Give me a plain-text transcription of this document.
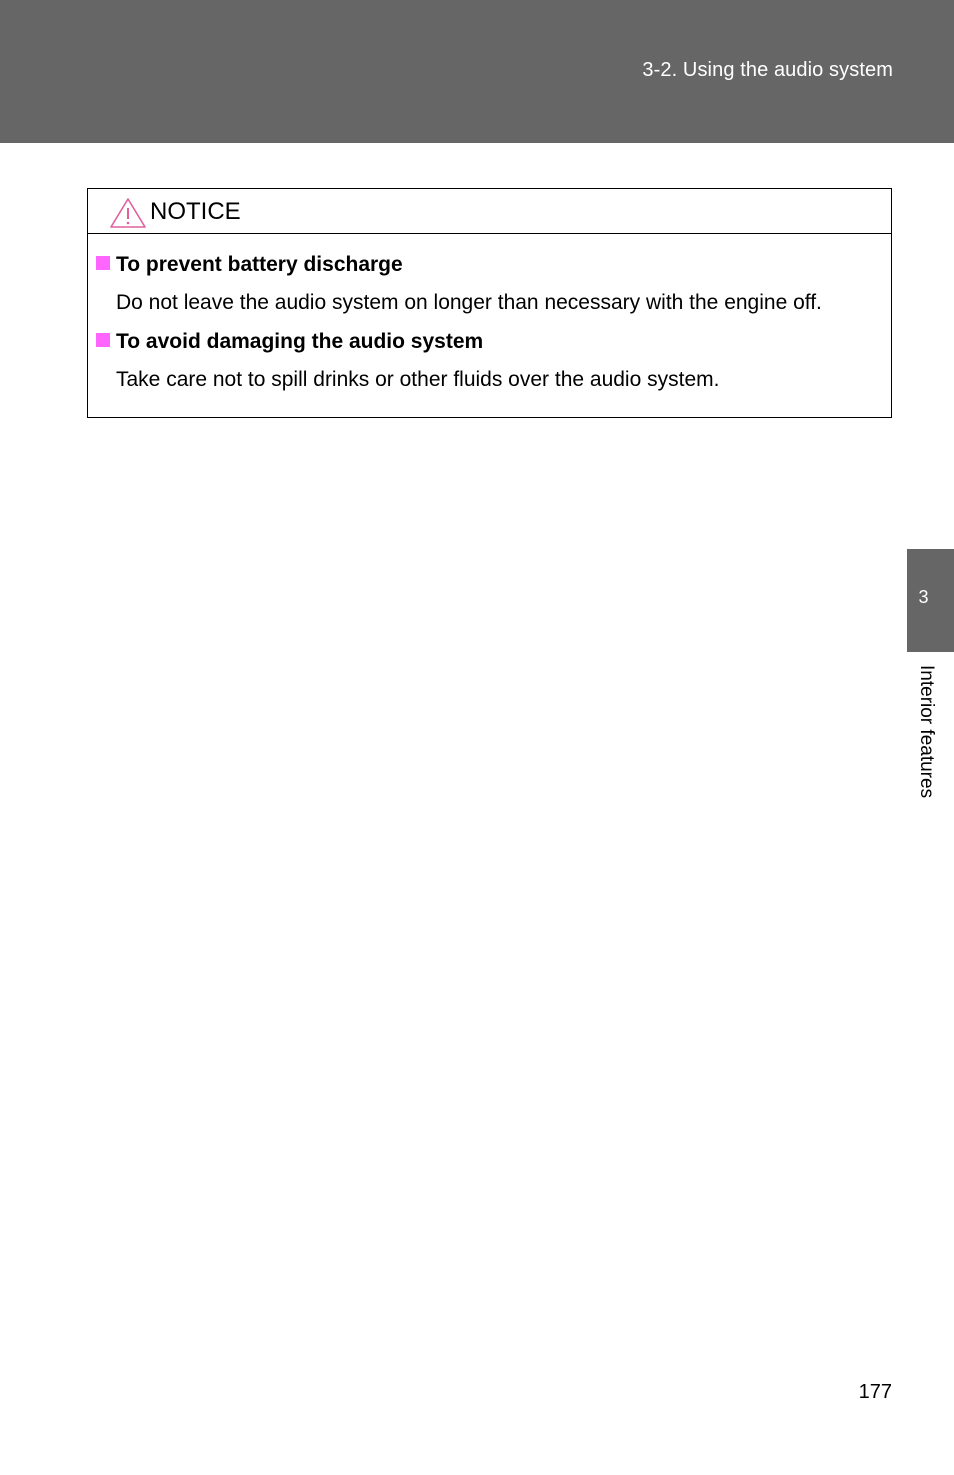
3-2. Using the audio system
NOTICE
To prevent battery discharge
Do not leave the audio system on longer than necessary with the engine off.
To avoid damaging the audio system
Take care not to spill drinks or other fluids over the audio system.
3
Interior features
177
